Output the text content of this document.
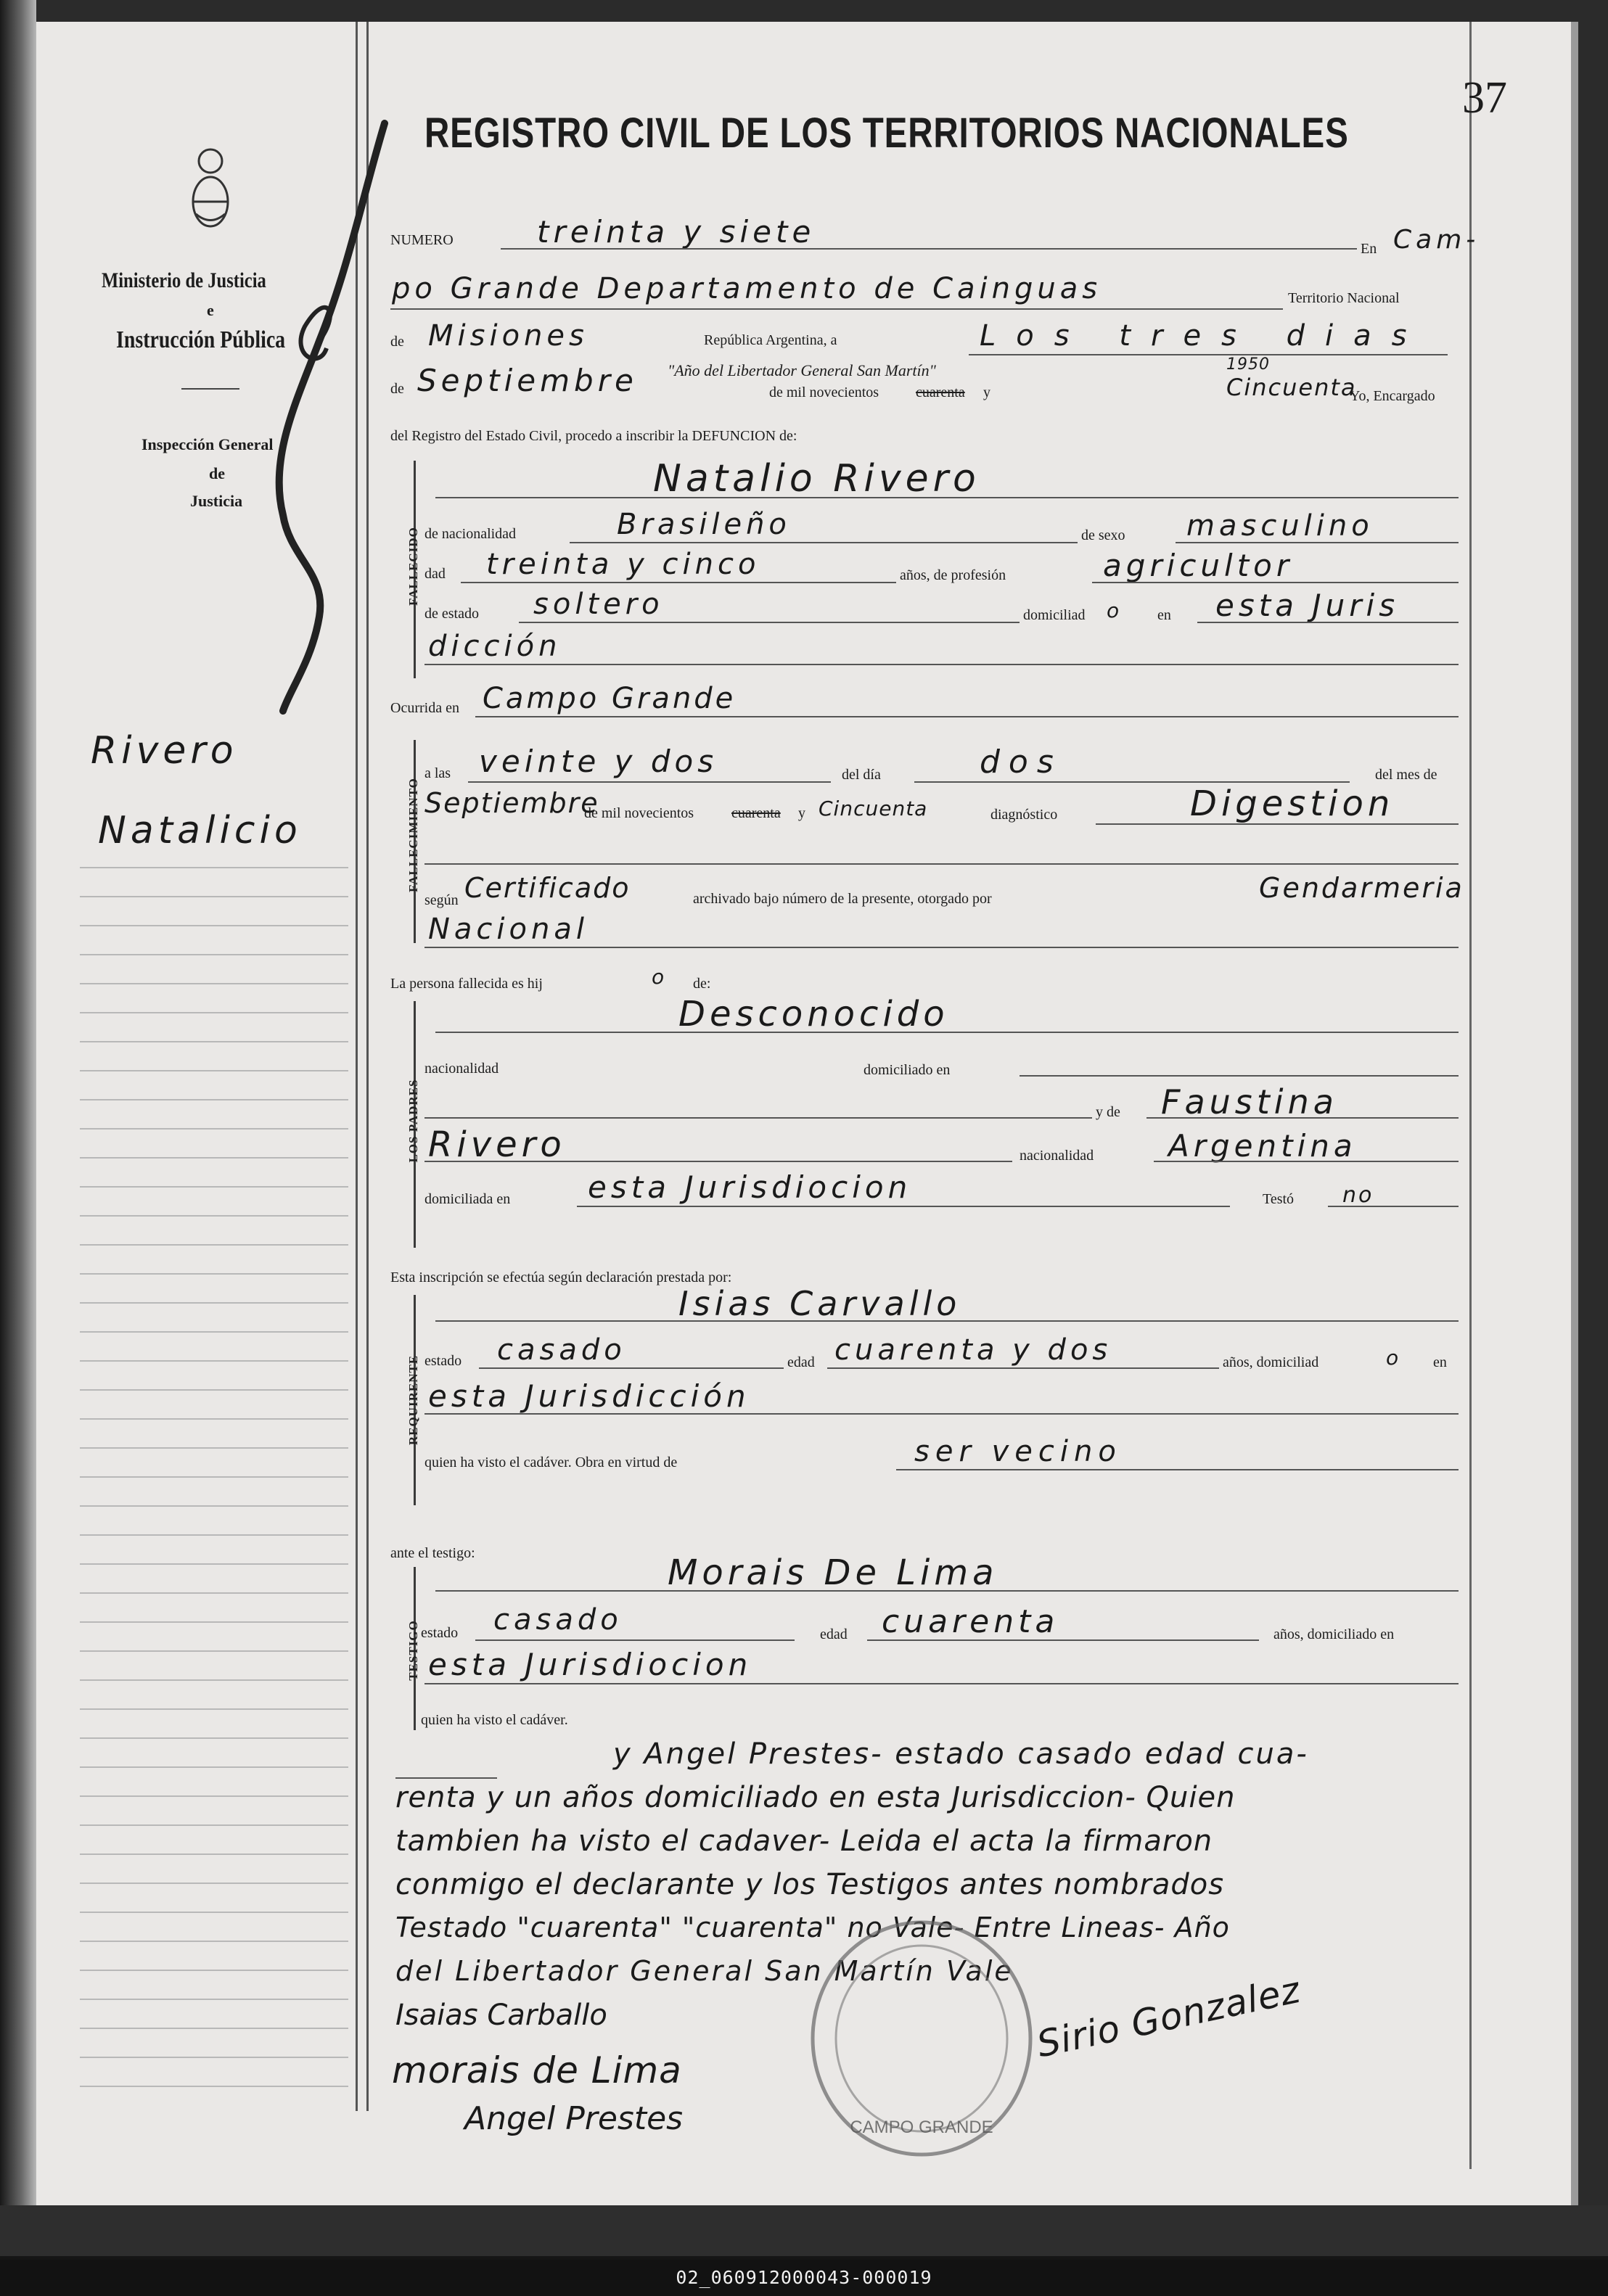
37
REGISTRO CIVIL DE LOS TERRITORIOS NACIONALES
Ministerio de Justicia
e
Instrucción Pública
Inspección General
de
Justicia
Rivero
Natalicio
NUMERO	treinta y siete	En Cam-
po Grande Departamento de Cainguas	Territorio Nacional
de Misiones	República Argentina, a	Los tres dias
de Septiembre "Año del Libertador General San Martín"
de mil novecientos	cuarenta y
1950
Cincuenta
Yo, Encargado
del Registro del Estado Civil, procedo a inscribir la DEFUNCION de:
FALLECIDO
Natalio Rivero
de nacionalidad	Brasileño	de sexo masculino
dad treinta y cinco	años, de profesión	agricultor
de estado soltero	domiciliad o	en esta Juris
dicción
Ocurrida en Campo Grande
FALLECIMIENTO
a las veinte y dos	del día	dos	del mes de
Septiembre
de mil novecientos	cuarenta y Cincuenta	diagnóstico	Digestion
según Certificado	archivado bajo número de la presente, otorgado por	Gendarmeria
Nacional
La persona fallecida es hij	o de:
LOS PADRES
Desconocido
nacionalidad	domiciliado en
y de Faustina
Rivero	nacionalidad Argentina
domiciliada en	esta Jurisdiocion	Testó no
Esta inscripción se efectúa según declaración prestada por:
REQUIRENTE
Isias Carvallo
estado casado	edad cuarenta y dos	años, domiciliad	o en
esta Jurisdicción
quien ha visto el cadáver. Obra en virtud de	ser vecino
ante el testigo:
TESTIGO
Morais De Lima
estado casado	edad cuarenta	años, domiciliado en
esta Jurisdiocion
quien ha visto el cadáver.
y Angel Prestes- estado casado edad cua-
renta y un años domiciliado en esta Jurisdiccion- Quien
tambien ha visto el cadaver- Leida el acta la firmaron
conmigo el declarante y los Testigos antes nombrados
Testado "cuarenta" "cuarenta" no Vale- Entre Lineas- Año
del Libertador General San Martín Vale
CAMPO GRANDE
Isaias Carballo
morais de Lima
Angel Prestes
Sirio Gonzalez
02_060912000043-000019
